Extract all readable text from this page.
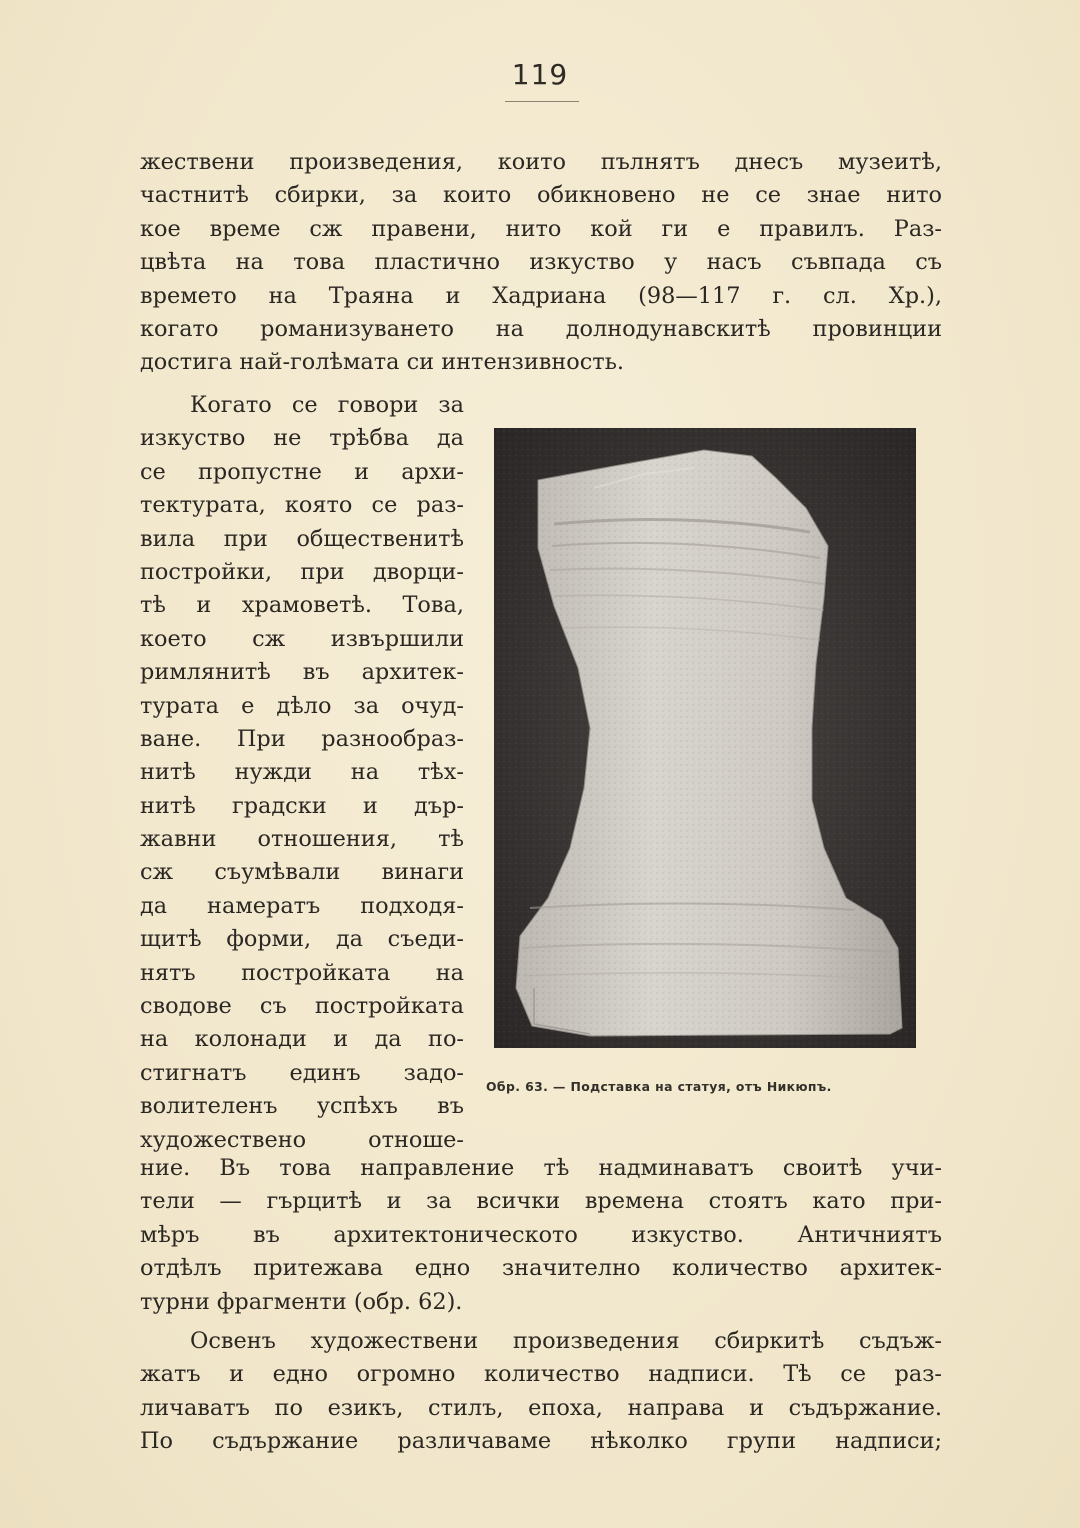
119
жествени произведения, които пълнятъ днесъ музеитѣ,
частнитѣ сбирки, за които обикновено не се знае нито
кое време сж правени, нито кой ги е правилъ. Раз-
цвѣта на това пластично изкуство у насъ съвпада съ
времето на Траяна и Хадриана (98—117 г. сл. Хр.),
когато романизуването на долнодунавскитѣ провинции
достига най-голѣмата си интензивность.
Когато се говори за
изкуство не трѣбва да
се пропустне и архи-
тектурата, която се раз-
вила при общественитѣ
постройки, при дворци-
тѣ и храмоветѣ. Това,
което сж извършили
римлянитѣ въ архитек-
турата е дѣло за очуд-
ване. При разнообраз-
нитѣ нужди на тѣх-
нитѣ градски и дър-
жавни отношения, тѣ
сж съумѣвали винаги
да намератъ подходя-
щитѣ форми, да съеди-
нятъ постройката на
сводове съ постройката
на колонади и да по-
стигнатъ единъ задо-
волителенъ успѣхъ въ
художествено отноше-
Обр. 63. — Подставка на статуя, отъ Никюпъ.
ние. Въ това направление тѣ надминаватъ своитѣ учи-
тели — гърцитѣ и за всички времена стоятъ като при-
мѣръ въ архитектоническото изкуство. Античниятъ
отдѣлъ притежава едно значително количество архитек-
турни фрагменти (обр. 62).
Освенъ художествени произведения сбиркитѣ съдъж-
жатъ и едно огромно количество надписи. Тѣ се раз-
личаватъ по езикъ, стилъ, епоха, направа и съдържание.
По съдържание различаваме нѣколко групи надписи;
